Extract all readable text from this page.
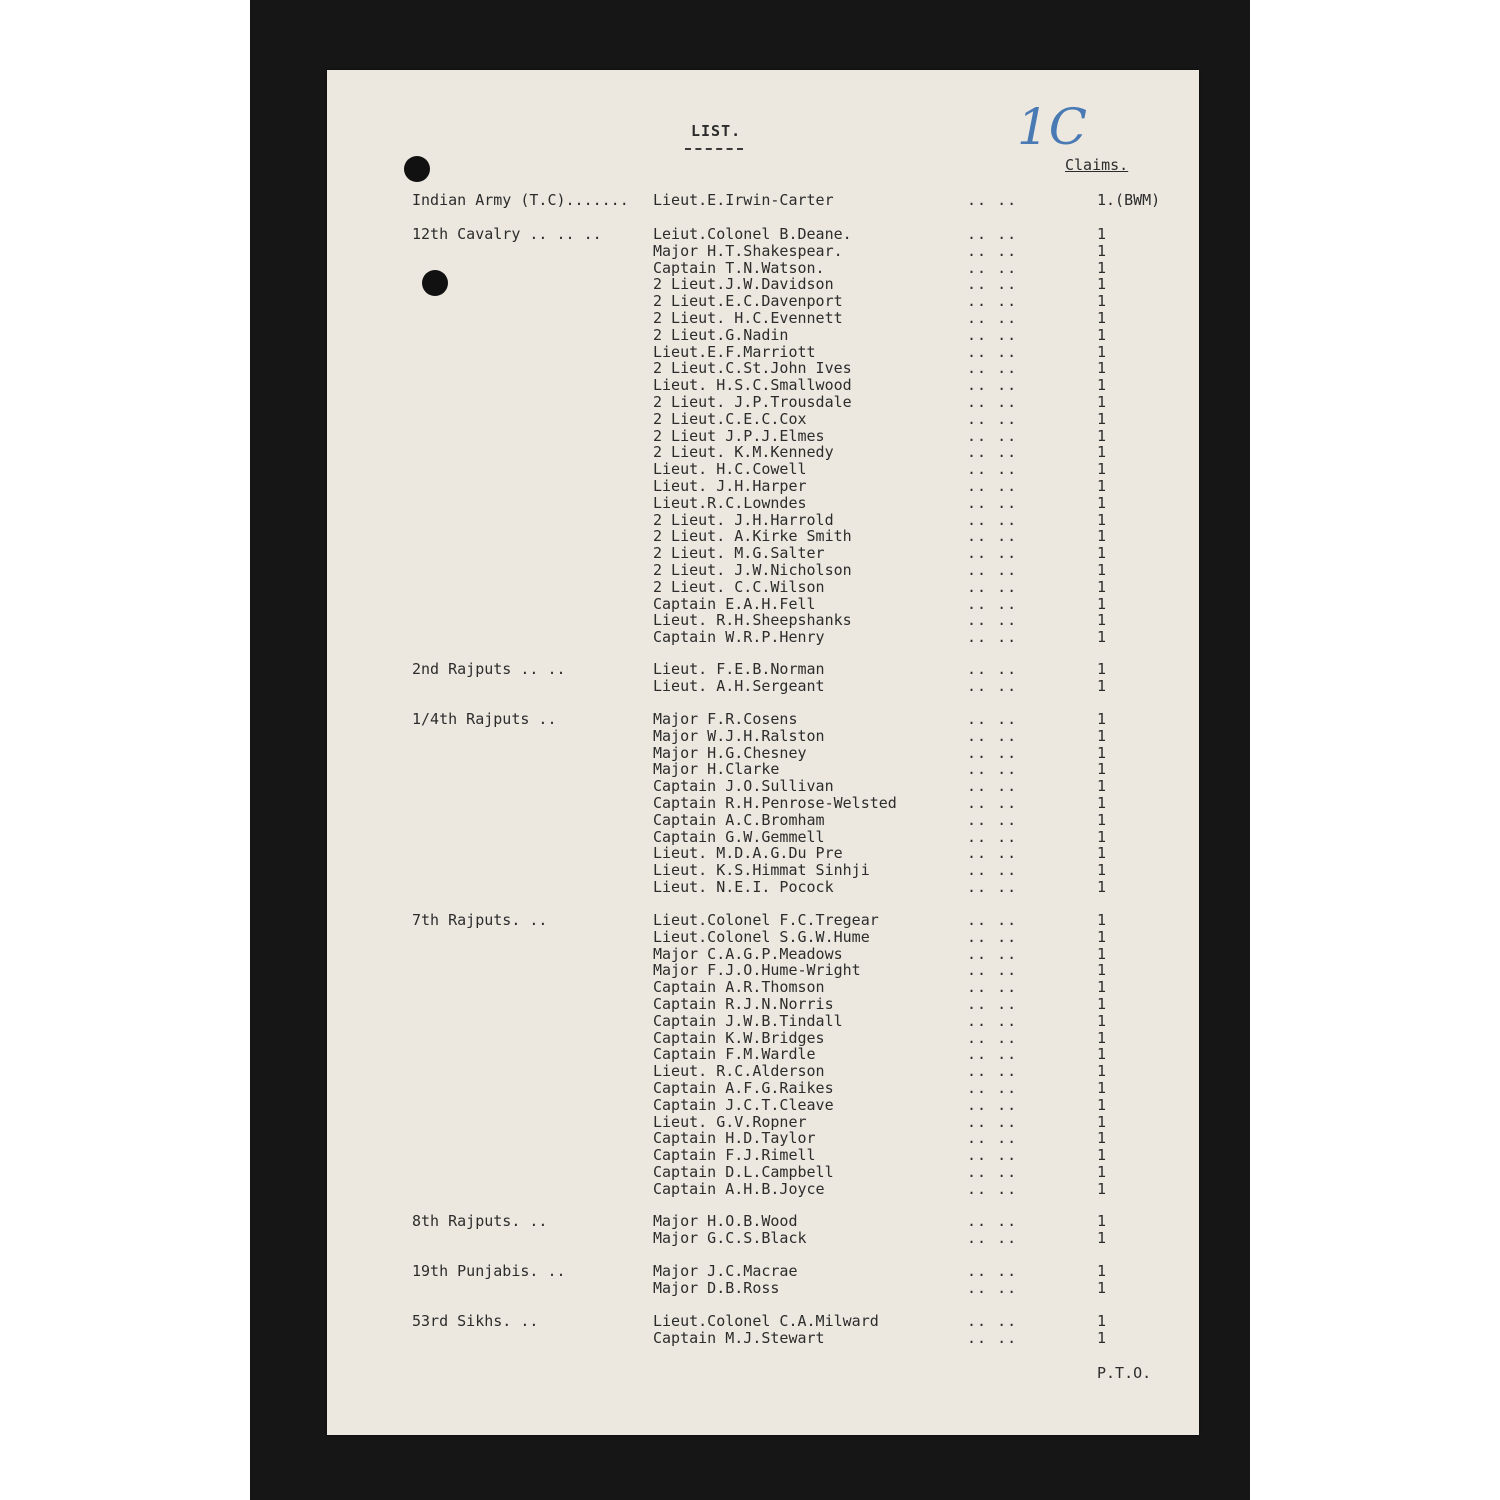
LIST.	1C
Claims.
Indian Army (T.C)....... Lieut.E.Irwin-Carter	.. ..	1.(BWM)
12th Cavalry .. .. ..	Leiut.Colonel B.Deane.	.. ..	1
Major H.T.Shakespear.	.. ..	1
Captain T.N.Watson.	.. ..	1
2 Lieut.J.W.Davidson	.. ..	1
2 Lieut.E.C.Davenport	.. ..	1
2 Lieut. H.C.Evennett	.. ..	1
2 Lieut.G.Nadin	.. ..	1
Lieut.E.F.Marriott	.. ..	1
2 Lieut.C.St.John Ives	.. ..	1
Lieut. H.S.C.Smallwood	.. ..	1
2 Lieut. J.P.Trousdale	.. ..	1
2 Lieut.C.E.C.Cox	.. ..	1
2 Lieut J.P.J.Elmes	.. ..	1
2 Lieut. K.M.Kennedy	.. ..	1
Lieut. H.C.Cowell	.. ..	1
Lieut. J.H.Harper	.. ..	1
Lieut.R.C.Lowndes	.. ..	1
2 Lieut. J.H.Harrold	.. ..	1
2 Lieut. A.Kirke Smith	.. ..	1
2 Lieut. M.G.Salter	.. ..	1
2 Lieut. J.W.Nicholson	.. ..	1
2 Lieut. C.C.Wilson	.. ..	1
Captain E.A.H.Fell	.. ..	1
Lieut. R.H.Sheepshanks	.. ..	1
Captain W.R.P.Henry	.. ..	1
2nd Rajputs .. ..	Lieut. F.E.B.Norman	.. ..	1
Lieut. A.H.Sergeant	.. ..	1
1/4th Rajputs ..	Major F.R.Cosens	.. ..	1
Major W.J.H.Ralston	.. ..	1
Major H.G.Chesney	.. ..	1
Major H.Clarke	.. ..	1
Captain J.O.Sullivan	.. ..	1
Captain R.H.Penrose-Welsted	.. ..	1
Captain A.C.Bromham	.. ..	1
Captain G.W.Gemmell	.. ..	1
Lieut. M.D.A.G.Du Pre	.. ..	1
Lieut. K.S.Himmat Sinhji	.. ..	1
Lieut. N.E.I. Pocock	.. ..	1
7th Rajputs. ..	Lieut.Colonel F.C.Tregear	.. ..	1
Lieut.Colonel S.G.W.Hume	.. ..	1
Major C.A.G.P.Meadows	.. ..	1
Major F.J.O.Hume-Wright	.. ..	1
Captain A.R.Thomson	.. ..	1
Captain R.J.N.Norris	.. ..	1
Captain J.W.B.Tindall	.. ..	1
Captain K.W.Bridges	.. ..	1
Captain F.M.Wardle	.. ..	1
Lieut. R.C.Alderson	.. ..	1
Captain A.F.G.Raikes	.. ..	1
Captain J.C.T.Cleave	.. ..	1
Lieut. G.V.Ropner	.. ..	1
Captain H.D.Taylor	.. ..	1
Captain F.J.Rimell	.. ..	1
Captain D.L.Campbell	.. ..	1
Captain A.H.B.Joyce	.. ..	1
8th Rajputs. ..	Major H.O.B.Wood	.. ..	1
Major G.C.S.Black	.. ..	1
19th Punjabis. ..	Major J.C.Macrae	.. ..	1
Major D.B.Ross	.. ..	1
53rd Sikhs. ..	Lieut.Colonel C.A.Milward	.. ..	1
Captain M.J.Stewart	.. ..	1
P.T.O.
